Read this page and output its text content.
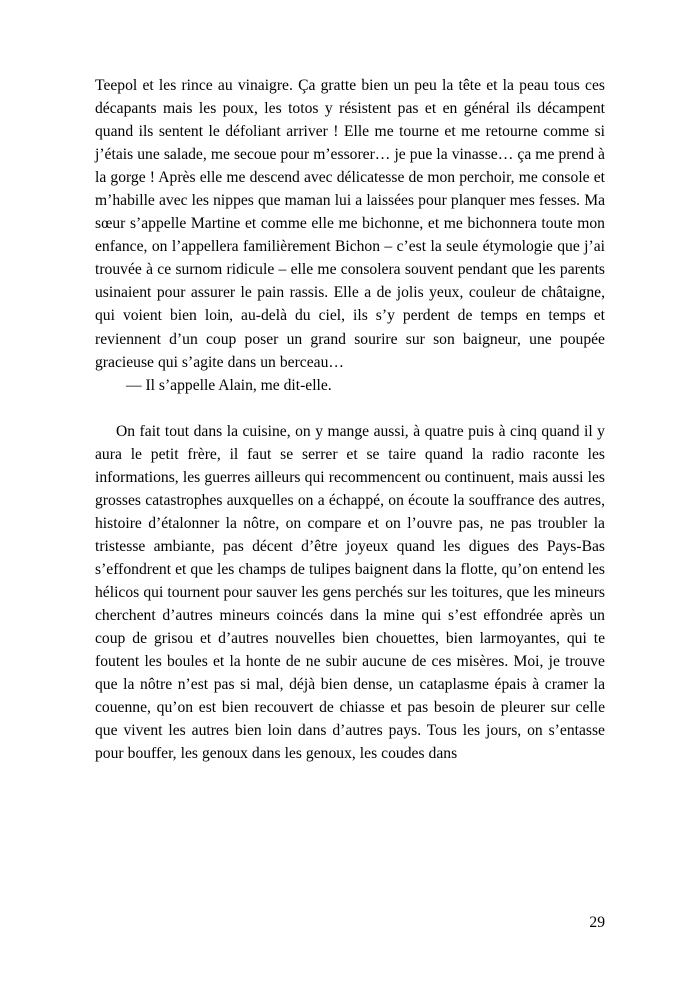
Teepol et les rince au vinaigre. Ça gratte bien un peu la tête et la peau tous ces décapants mais les poux, les totos y résistent pas et en général ils décampent quand ils sentent le défoliant arriver ! Elle me tourne et me retourne comme si j’étais une salade, me secoue pour m’essorer… je pue la vinasse… ça me prend à la gorge ! Après elle me descend avec délicatesse de mon perchoir, me console et m’habille avec les nippes que maman lui a laissées pour planquer mes fesses. Ma sœur s’appelle Martine et comme elle me bichonne, et me bichonnera toute mon enfance, on l’appellera familièrement Bichon – c’est la seule étymologie que j’ai trouvée à ce surnom ridicule – elle me consolera souvent pendant que les parents usinaient pour assurer le pain rassis. Elle a de jolis yeux, couleur de châtaigne, qui voient bien loin, au-delà du ciel, ils s’y perdent de temps en temps et reviennent d’un coup poser un grand sourire sur son baigneur, une poupée gracieuse qui s’agite dans un berceau…

— Il s’appelle Alain, me dit-elle.

On fait tout dans la cuisine, on y mange aussi, à quatre puis à cinq quand il y aura le petit frère, il faut se serrer et se taire quand la radio raconte les informations, les guerres ailleurs qui recommencent ou continuent, mais aussi les grosses catastrophes auxquelles on a échappé, on écoute la souffrance des autres, histoire d’étalonner la nôtre, on compare et on l’ouvre pas, ne pas troubler la tristesse ambiante, pas décent d’être joyeux quand les digues des Pays-Bas s’effondrent et que les champs de tulipes baignent dans la flotte, qu’on entend les hélicos qui tournent pour sauver les gens perchés sur les toitures, que les mineurs cherchent d’autres mineurs coincés dans la mine qui s’est effondrée après un coup de grisou et d’autres nouvelles bien chouettes, bien larmoyantes, qui te foutent les boules et la honte de ne subir aucune de ces misères. Moi, je trouve que la nôtre n’est pas si mal, déjà bien dense, un cataplasme épais à cramer la couenne, qu’on est bien recouvert de chiasse et pas besoin de pleurer sur celle que vivent les autres bien loin dans d’autres pays. Tous les jours, on s’entasse pour bouffer, les genoux dans les genoux, les coudes dans

29
